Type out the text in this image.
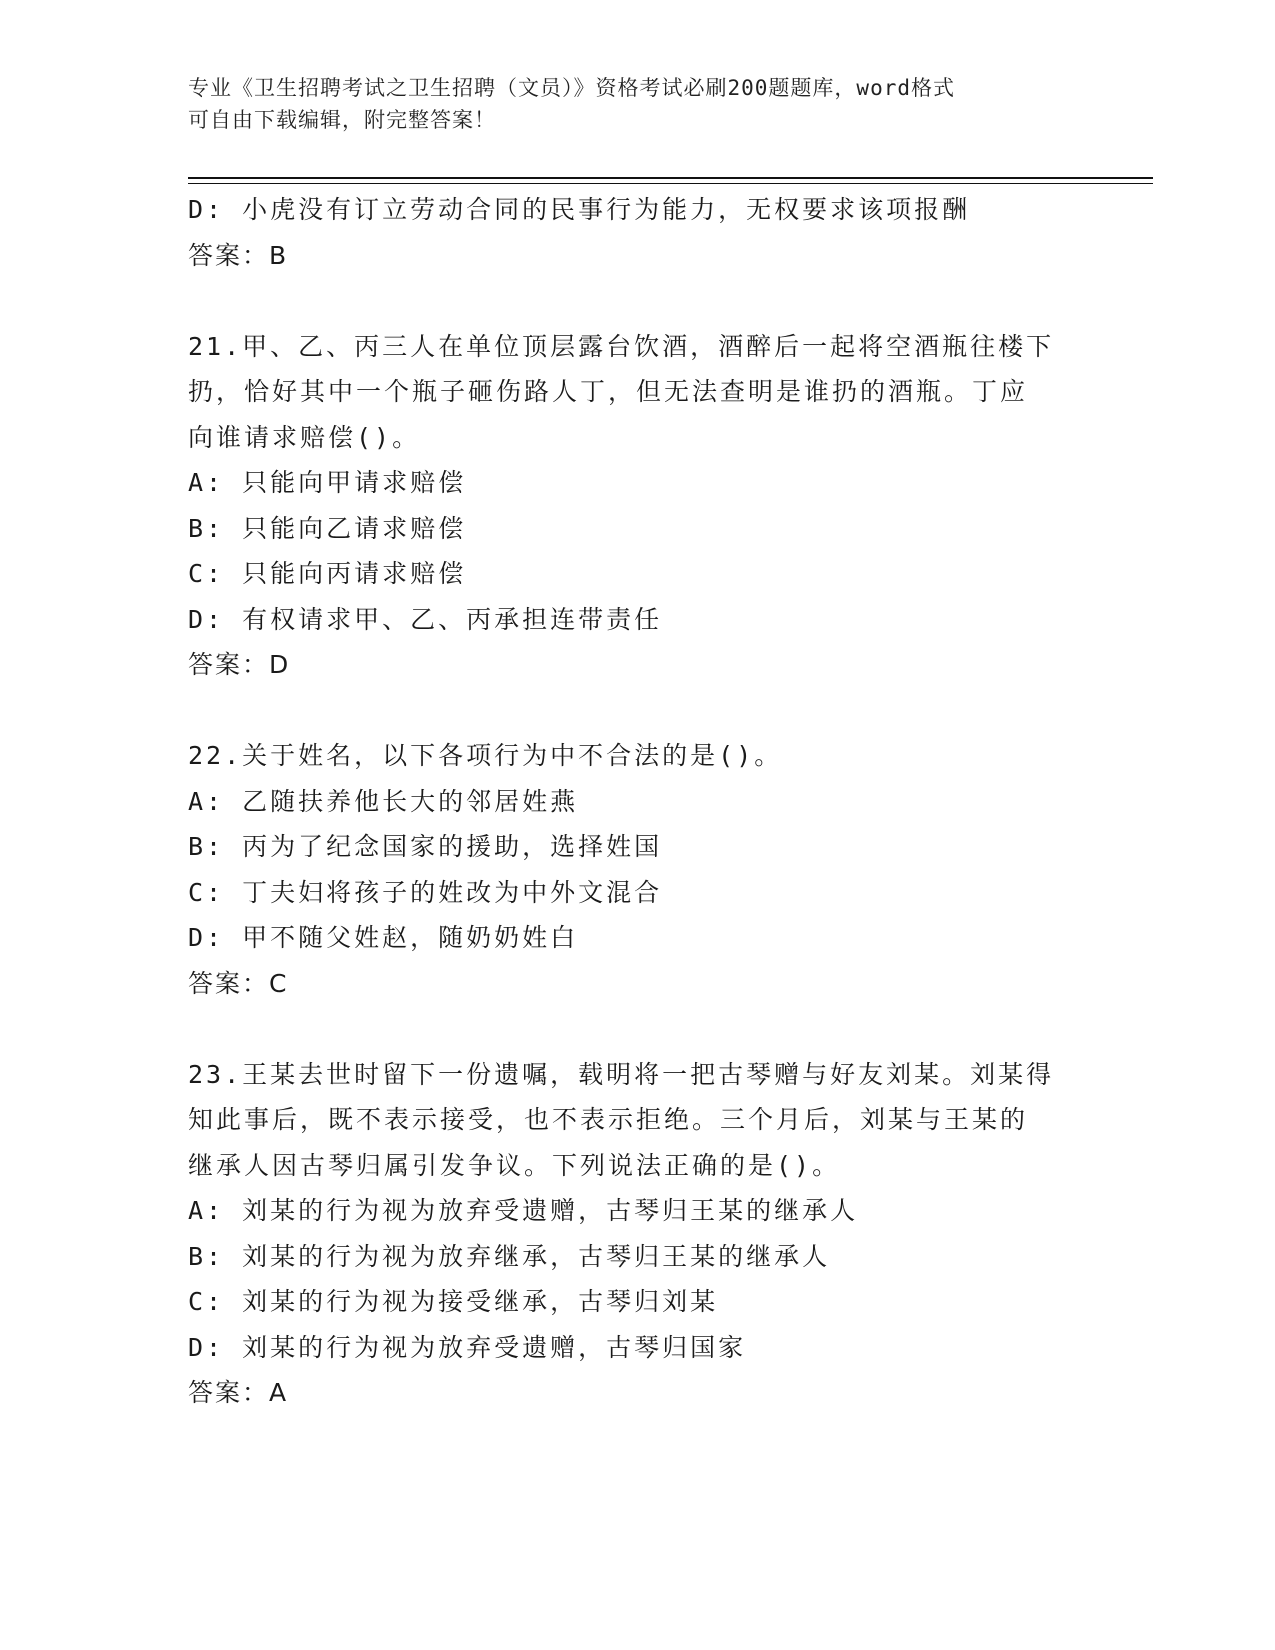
专业《卫生招聘考试之卫生招聘（文员）》资格考试必刷200题题库，word格式
可自由下载编辑，附完整答案！
D: 小虎没有订立劳动合同的民事行为能力，无权要求该项报酬
答案：B
21.甲、乙、丙三人在单位顶层露台饮酒，酒醉后一起将空酒瓶往楼下
扔，恰好其中一个瓶子砸伤路人丁，但无法查明是谁扔的酒瓶。丁应
向谁请求赔偿()。
A: 只能向甲请求赔偿
B: 只能向乙请求赔偿
C: 只能向丙请求赔偿
D: 有权请求甲、乙、丙承担连带责任
答案：D
22.关于姓名，以下各项行为中不合法的是()。
A: 乙随扶养他长大的邻居姓燕
B: 丙为了纪念国家的援助，选择姓国
C: 丁夫妇将孩子的姓改为中外文混合
D: 甲不随父姓赵，随奶奶姓白
答案：C
23.王某去世时留下一份遗嘱，载明将一把古琴赠与好友刘某。刘某得
知此事后，既不表示接受，也不表示拒绝。三个月后，刘某与王某的
继承人因古琴归属引发争议。下列说法正确的是()。
A: 刘某的行为视为放弃受遗赠，古琴归王某的继承人
B: 刘某的行为视为放弃继承，古琴归王某的继承人
C: 刘某的行为视为接受继承，古琴归刘某
D: 刘某的行为视为放弃受遗赠，古琴归国家
答案：A
